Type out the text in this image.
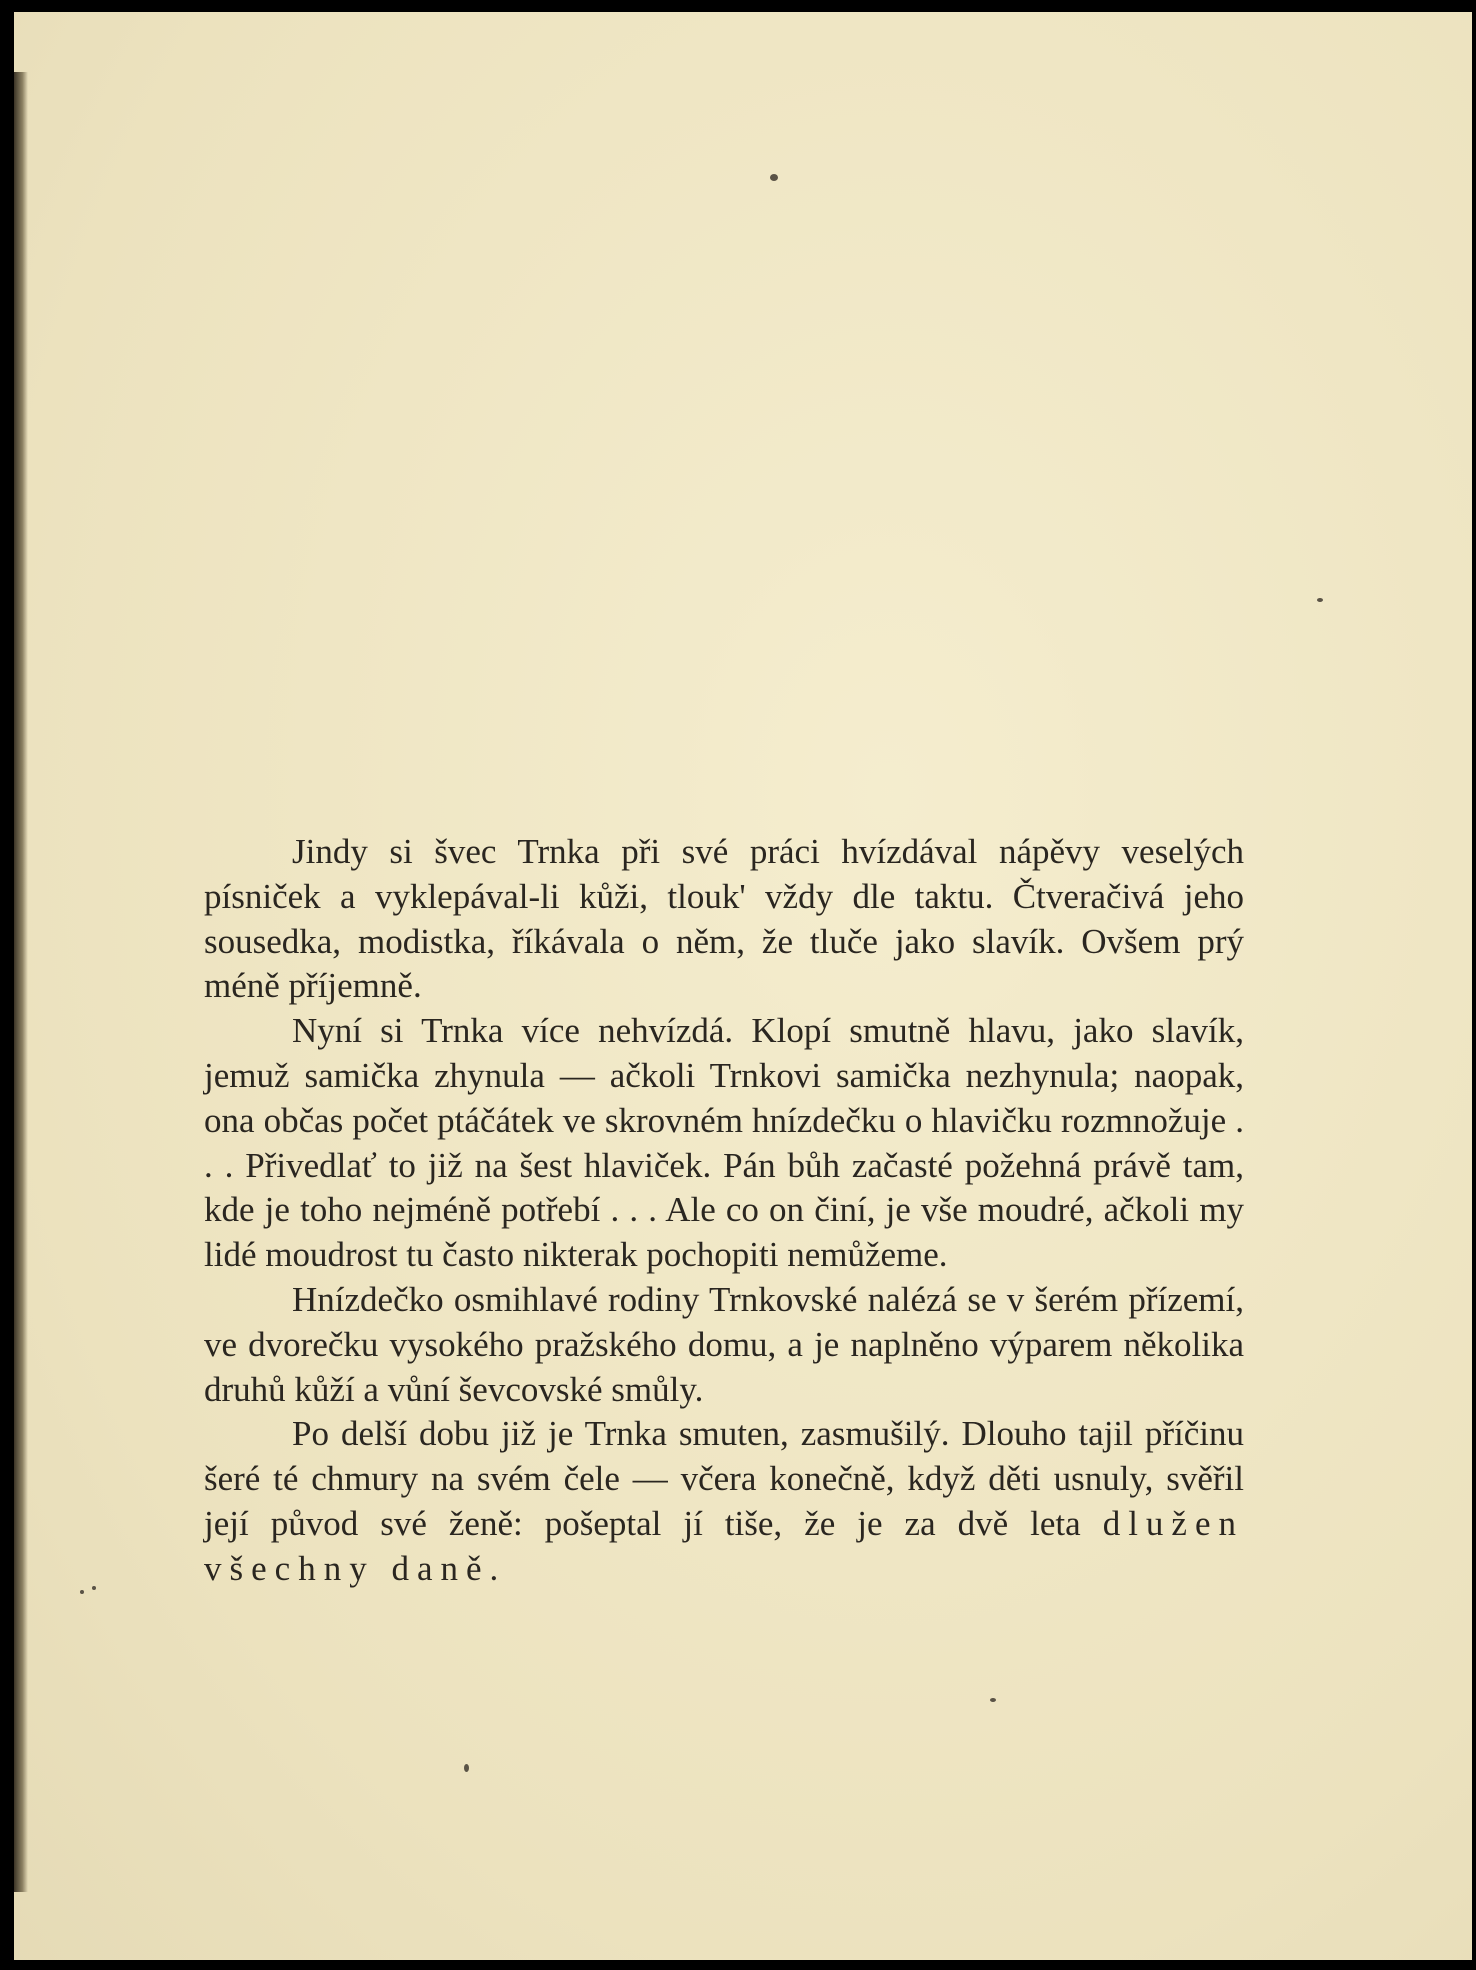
Jindy si švec Trnka při své práci hvízdával nápěvy veselých písniček a vyklepával-li kůži, tlouk' vždy dle taktu. Čtveračivá jeho sousedka, modistka, říkávala o něm, že tluče jako slavík. Ovšem prý méně příjemně.

Nyní si Trnka více nehvízdá. Klopí smutně hlavu, jako slavík, jemuž samička zhynula — ačkoli Trnkovi samička nezhynula; naopak, ona občas počet ptáčátek ve skrovném hnízdečku o hlavičku rozmnožuje . . . Přivedlať to již na šest hlaviček. Pán bůh začasté požehná právě tam, kde je toho nejméně potřebí . . . Ale co on činí, je vše moudré, ačkoli my lidé moudrost tu často nikterak pochopiti nemůžeme.

Hnízdečko osmihlavé rodiny Trnkovské nalézá se v šerém přízemí, ve dvorečku vysokého pražského domu, a je naplněno výparem několika druhů kůží a vůní ševcovské smůly.

Po delší dobu již je Trnka smuten, zasmušilý. Dlouho tajil příčinu šeré té chmury na svém čele — včera konečně, když děti usnuly, svěřil její původ své ženě: pošeptal jí tiše, že je za dvě leta dlužen všechny daně.
